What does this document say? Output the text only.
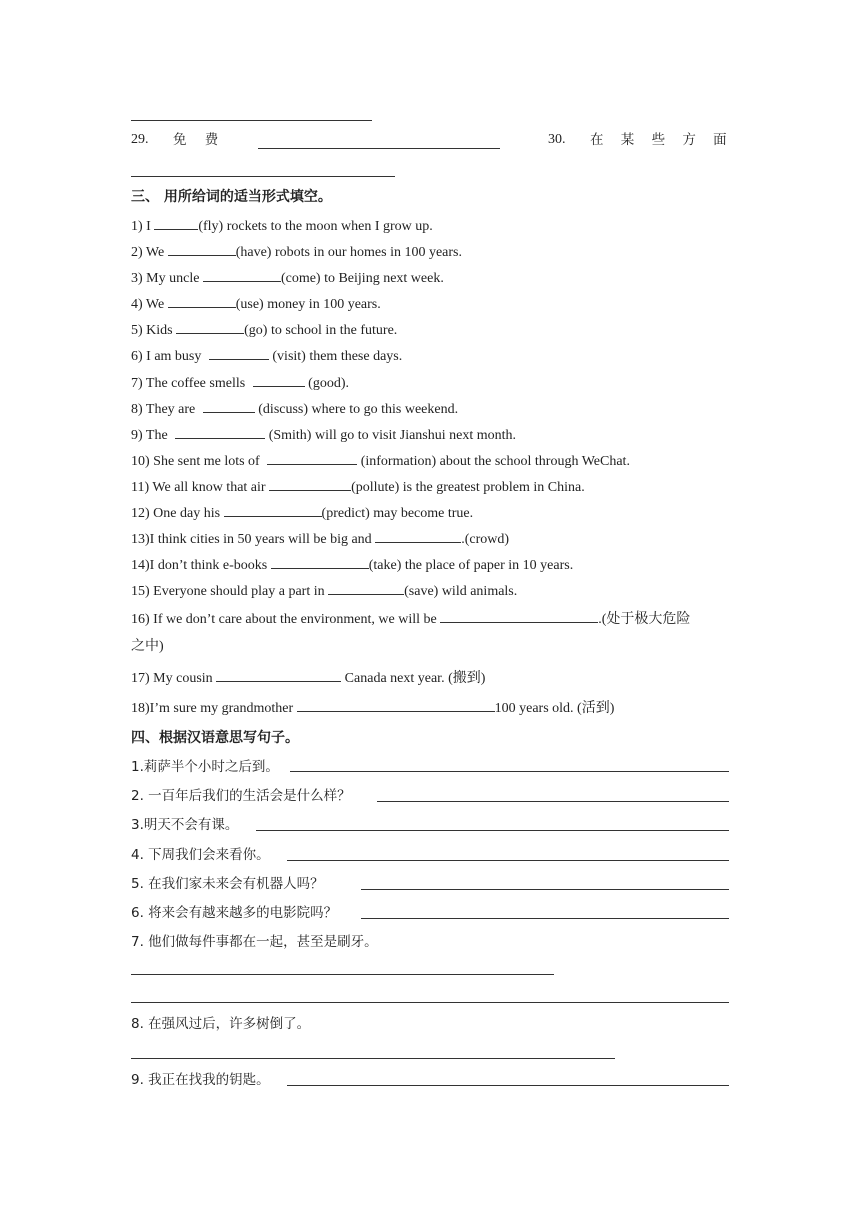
29. 免 费	30. 在 某 些 方 面
三、 用所给词的适当形式填空。
1) I	(fly) rockets to the moon when I grow up.
2) We	(have) robots in our homes in 100 years.
3) My uncle	(come) to Beijing next week.
4) We	(use) money in 100 years.
5) Kids	(go) to school in the future.
6) I am busy	(visit) them these days.
7) The coffee smells	(good).
8) They are	(discuss) where to go this weekend.
9) The	(Smith) will go to visit Jianshui next month.
10) She sent me lots of	(information) about the school through WeChat.
11) We all know that air	(pollute) is the greatest problem in China.
12) One day his	(predict) may become true.
13)I think cities in 50 years will be big and	.(crowd)
14)I don’t think e-books	(take) the place of paper in 10 years.
15) Everyone should play a part in	(save) wild animals.
16) If we don’t care about the environment, we will be	.(处于极大危险
之中)
17) My cousin	Canada next year. (搬到)
18)I’m sure my grandmother	100 years old. (活到)
四、根据汉语意思写句子。
1.莉萨半个小时之后到。
2. 一百年后我们的生活会是什么样？
3.明天不会有课。
4. 下周我们会来看你。
5. 在我们家未来会有机器人吗？
6. 将来会有越来越多的电影院吗？
7. 他们做每件事都在一起，甚至是刷牙。
8. 在强风过后，许多树倒了。
9. 我正在找我的钥匙。
